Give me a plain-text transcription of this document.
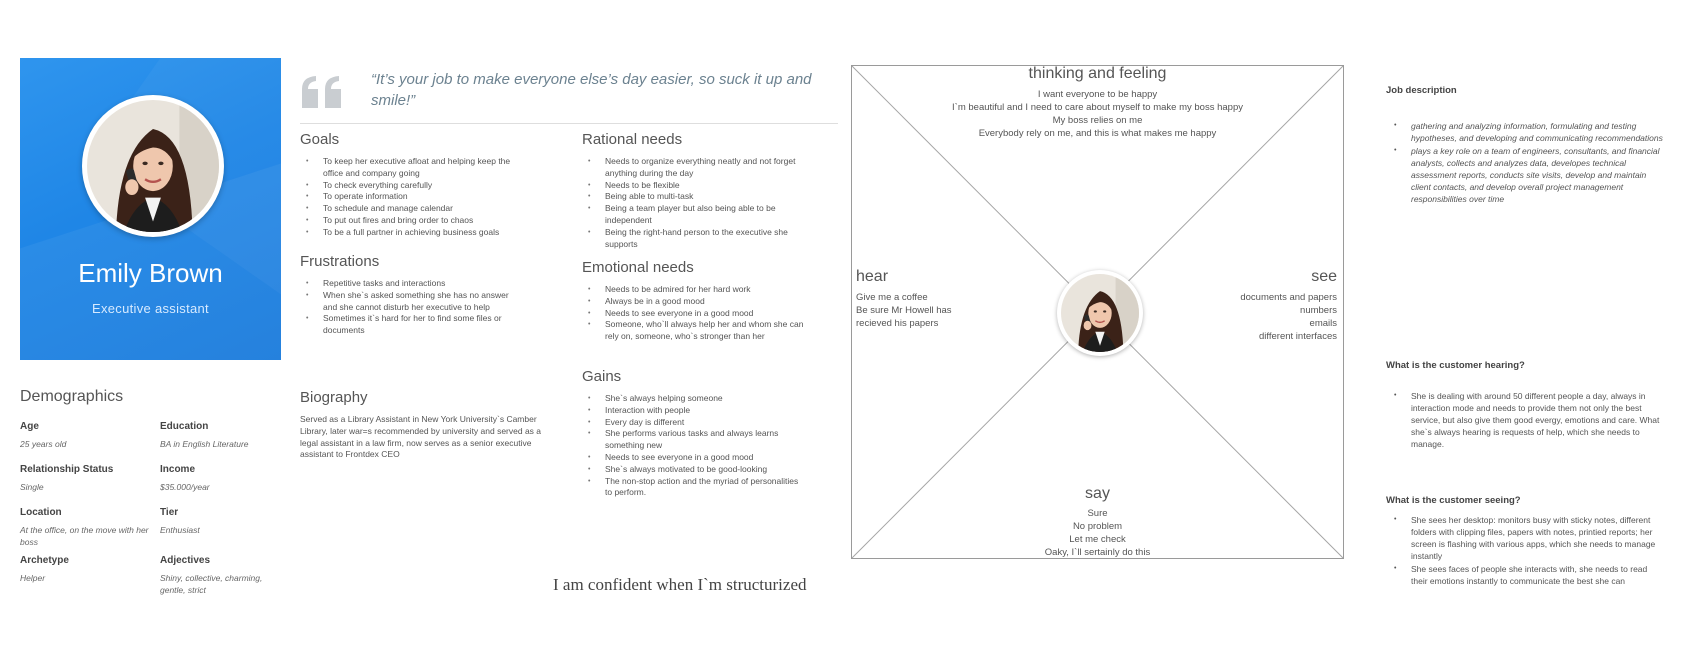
Emily Brown
Executive assistant
Demographics
Age
25 years old
Education
BA in English Literature
Relationship Status
Single
Income
$35.000/year
Location
At the office, on the move with her boss
Tier
Enthusiast
Archetype
Helper
Adjectives
Shiny, collective, charming, gentle, strict
“It’s your job to make everyone else’s day easier, so suck it up and smile!”
Goals
• To keep her executive afloat and helping keep the office and company going
• To check everything carefully
• To operate information
• To schedule and manage calendar
• To put out fires and bring order to chaos
• To be a full partner in achieving business goals
Frustrations
• Repetitive tasks and interactions
• When she`s asked something she has no answer and she cannot disturb her executive to help
• Sometimes it`s hard for her to find some files or documents
Biography
Served as a Library Assistant in New York University`s Camber Library, later war=s recommended by university and served as a legal assistant in a law firm, now serves as a senior executive assistant to Frontdex CEO
Rational needs
• Needs to organize everything neatly and not forget anything during the day
• Needs to be flexible
• Being able to multi-task
• Being a team player but also being able to be independent
• Being the right-hand person to the executive she supports
Emotional needs
• Needs to be admired for her hard work
• Always be in a good mood
• Needs to see everyone in a good mood
• Someone, who`ll always help her and whom she can rely on, someone, who`s stronger than her
Gains
• She`s always helping someone
• Interaction with people
• Every day is different
• She performs various tasks and always learns something new
• Needs to see everyone in a good mood
• She`s always motivated to be good-looking
• The non-stop action and the myriad of personalities to perform.
I am confident when I`m structurized
thinking and feeling
I want everyone to be happy
I`m beautiful and I need to care about myself to make my boss happy
My boss relies on me
Everybody rely on me, and this is what makes me happy
hear
Give me a coffee
Be sure Mr Howell has
recieved his papers
see
documents and papers
numbers
emails
different interfaces
say
Sure
No problem
Let me check
Oaky, I`ll sertainly do this
Job description
• gathering and analyzing information, formulating and testing hypotheses, and developing and communicating recommendations
• plays a key role on a team of engineers, consultants, and financial analysts, collects and analyzes data, developes technical assessment reports, conducts site visits, develop and maintain client contacts, and develop overall project management responsibilities over time
What is the customer hearing?
• She is dealing with around 50 different people a day, always in interaction mode and needs to provide them not only the best service, but also give them good evergy, emotions and care. What she`s always hearing is requests of help, which she needs to manage.
What is the customer seeing?
• She sees her desktop: monitors busy with sticky notes, different folders with clipping files, papers with notes, printied reports; her screen is flashing with various apps, which she needs to manage instantly
• She sees faces of people she interacts with, she needs to read their emotions instantly to communicate the best she can
